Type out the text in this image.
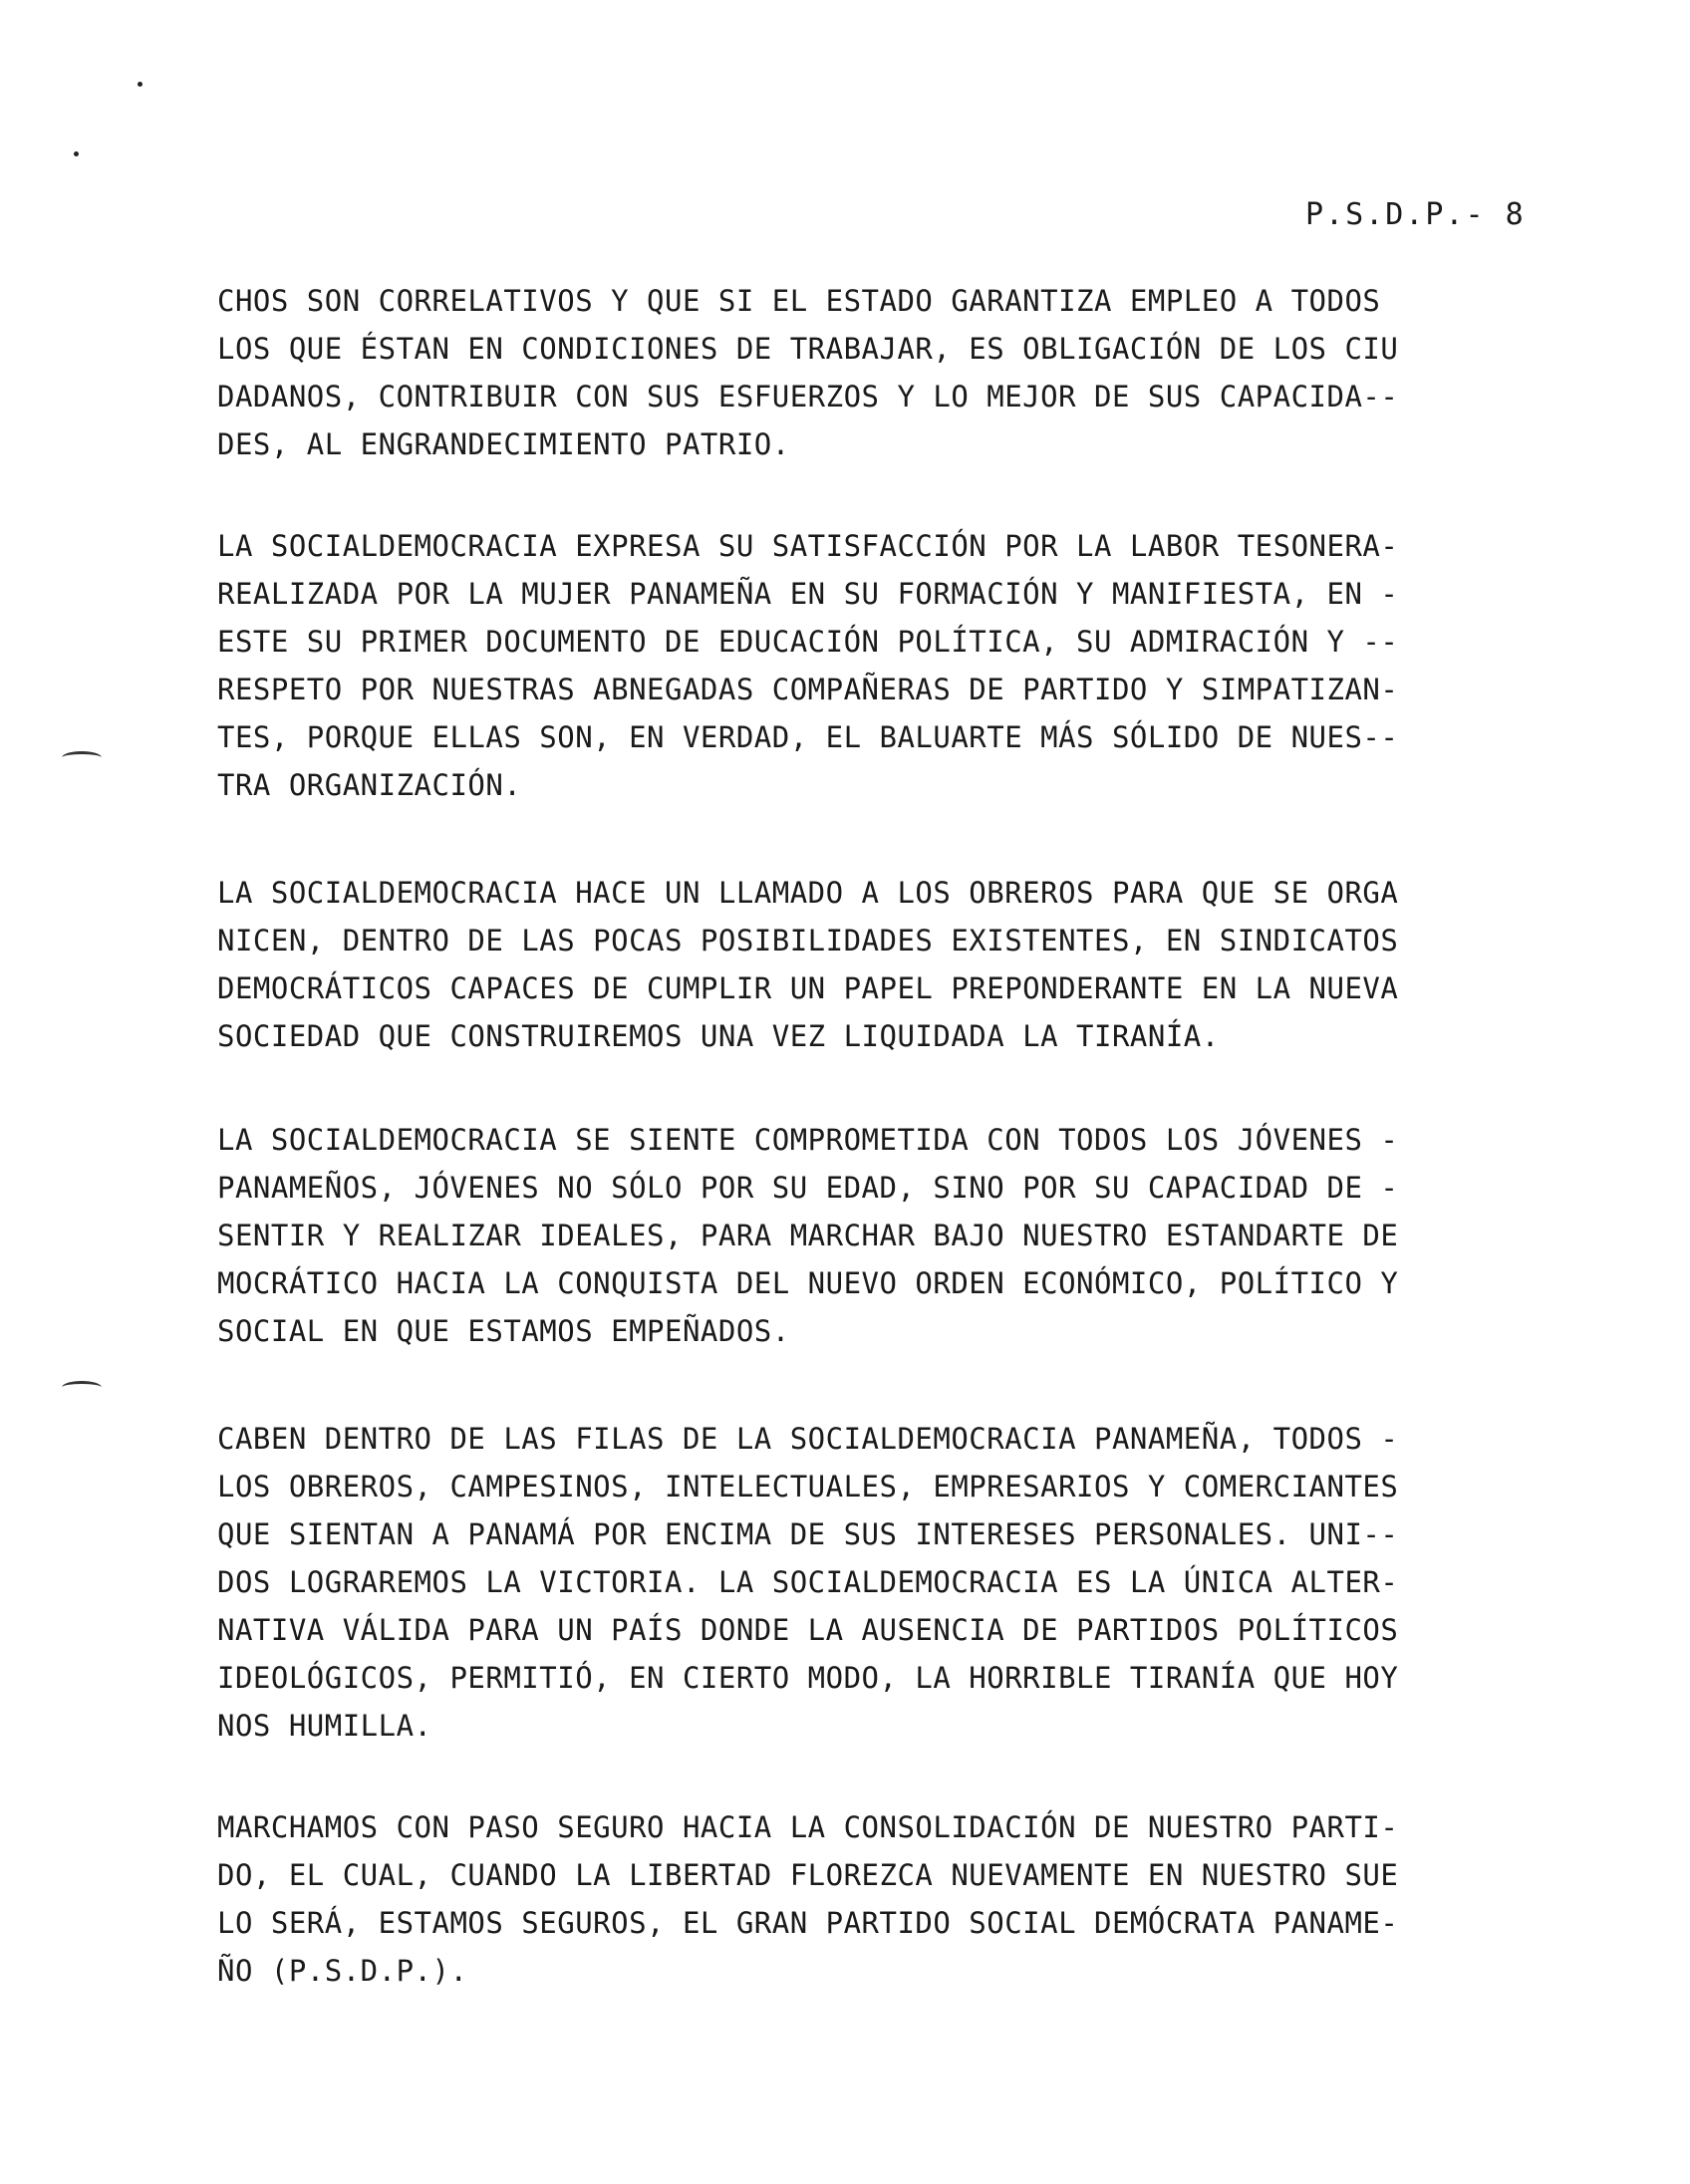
P.S.D.P.- 8
CHOS SON CORRELATIVOS Y QUE SI EL ESTADO GARANTIZA EMPLEO A TODOS
LOS QUE ÉSTAN EN CONDICIONES DE TRABAJAR, ES OBLIGACIÓN DE LOS CIU
DADANOS, CONTRIBUIR CON SUS ESFUERZOS Y LO MEJOR DE SUS CAPACIDA--
DES, AL ENGRANDECIMIENTO PATRIO.
LA SOCIALDEMOCRACIA EXPRESA SU SATISFACCIÓN POR LA LABOR TESONERA-
REALIZADA POR LA MUJER PANAMEÑA EN SU FORMACIÓN Y MANIFIESTA, EN -
ESTE SU PRIMER DOCUMENTO DE EDUCACIÓN POLÍTICA, SU ADMIRACIÓN Y --
RESPETO POR NUESTRAS ABNEGADAS COMPAÑERAS DE PARTIDO Y SIMPATIZAN-
TES, PORQUE ELLAS SON, EN VERDAD, EL BALUARTE MÁS SÓLIDO DE NUES--
TRA ORGANIZACIÓN.
LA SOCIALDEMOCRACIA HACE UN LLAMADO A LOS OBREROS PARA QUE SE ORGA
NICEN, DENTRO DE LAS POCAS POSIBILIDADES EXISTENTES, EN SINDICATOS
DEMOCRÁTICOS CAPACES DE CUMPLIR UN PAPEL PREPONDERANTE EN LA NUEVA
SOCIEDAD QUE CONSTRUIREMOS UNA VEZ LIQUIDADA LA TIRANÍA.
LA SOCIALDEMOCRACIA SE SIENTE COMPROMETIDA CON TODOS LOS JÓVENES -
PANAMEÑOS, JÓVENES NO SÓLO POR SU EDAD, SINO POR SU CAPACIDAD DE -
SENTIR Y REALIZAR IDEALES, PARA MARCHAR BAJO NUESTRO ESTANDARTE DE
MOCRÁTICO HACIA LA CONQUISTA DEL NUEVO ORDEN ECONÓMICO, POLÍTICO Y
SOCIAL EN QUE ESTAMOS EMPEÑADOS.
CABEN DENTRO DE LAS FILAS DE LA SOCIALDEMOCRACIA PANAMEÑA, TODOS -
LOS OBREROS, CAMPESINOS, INTELECTUALES, EMPRESARIOS Y COMERCIANTES
QUE SIENTAN A PANAMÁ POR ENCIMA DE SUS INTERESES PERSONALES. UNI--
DOS LOGRAREMOS LA VICTORIA. LA SOCIALDEMOCRACIA ES LA ÚNICA ALTER-
NATIVA VÁLIDA PARA UN PAÍS DONDE LA AUSENCIA DE PARTIDOS POLÍTICOS
IDEOLÓGICOS, PERMITIÓ, EN CIERTO MODO, LA HORRIBLE TIRANÍA QUE HOY
NOS HUMILLA.
MARCHAMOS CON PASO SEGURO HACIA LA CONSOLIDACIÓN DE NUESTRO PARTI-
DO, EL CUAL, CUANDO LA LIBERTAD FLOREZCA NUEVAMENTE EN NUESTRO SUE
LO SERÁ, ESTAMOS SEGUROS, EL GRAN PARTIDO SOCIAL DEMÓCRATA PANAME-
ÑO (P.S.D.P.).
